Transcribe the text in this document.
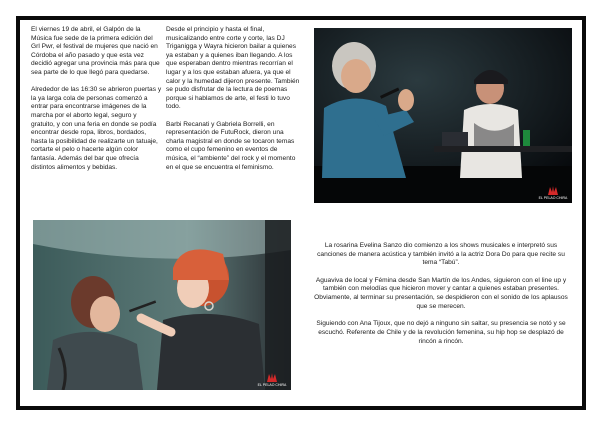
El viernes 19 de abril, el Galpón de la Música fue sede de la primera edición del Grl Pwr, el festival de mujeres que nació en Córdoba el año pasado y que esta vez decidió agregar una provincia más para que sea parte de lo que llegó para quedarse.

Alrededor de las 16:30 se abrieron puertas y la ya larga cola de personas comenzó a entrar para encontrarse imágenes de la marcha por el aborto legal, seguro y gratuito, y con una feria en donde se podía encontrar desde ropa, libros, bordados, hasta la posibilidad de realizarte un tatuaje, cortarte el pelo o hacerte algún color fantasía. Además del bar que ofrecía distintos alimentos y bebidas.

Desde el principio y hasta el final, musicalizando entre corte y corte, las DJ Triganigga y Wayra hicieron bailar a quienes ya estaban y a quienes iban llegando. A los que esperaban dentro mientras recorrían el lugar y a los que estaban afuera, ya que el calor y la humedad dijeron presente. También se pudo disfrutar de la lectura de poemas porque si hablamos de arte, el festi lo tuvo todo.

Barbi Recanati y Gabriela Borrelli, en representación de FutuRock, dieron una charla magistral en donde se tocaron temas como el cupo femenino en eventos de música, el “ambiente” del rock y el momento en el que se encuentra el feminismo.

EL PELAO CHIRA
EL PELAO CHIRA

La rosarina Evelina Sanzo dio comienzo a los shows musicales e interpretó sus canciones de manera acústica y también invitó a la actriz Dora Do para que recite su tema “Tabú”.

Aguaviva de local y Fémina desde San Martín de los Andes, siguieron con el line up y también con melodías que hicieron mover y cantar a quienes estaban presentes. Obviamente, al terminar su presentación, se despidieron con el sonido de los aplausos que se merecen.

Siguiendo con Ana Tijoux, que no dejó a ninguno sin saltar, su presencia se notó y se escuchó. Referente de Chile y de la revolución femenina, su hip hop se desplazó de rincón a rincón.
